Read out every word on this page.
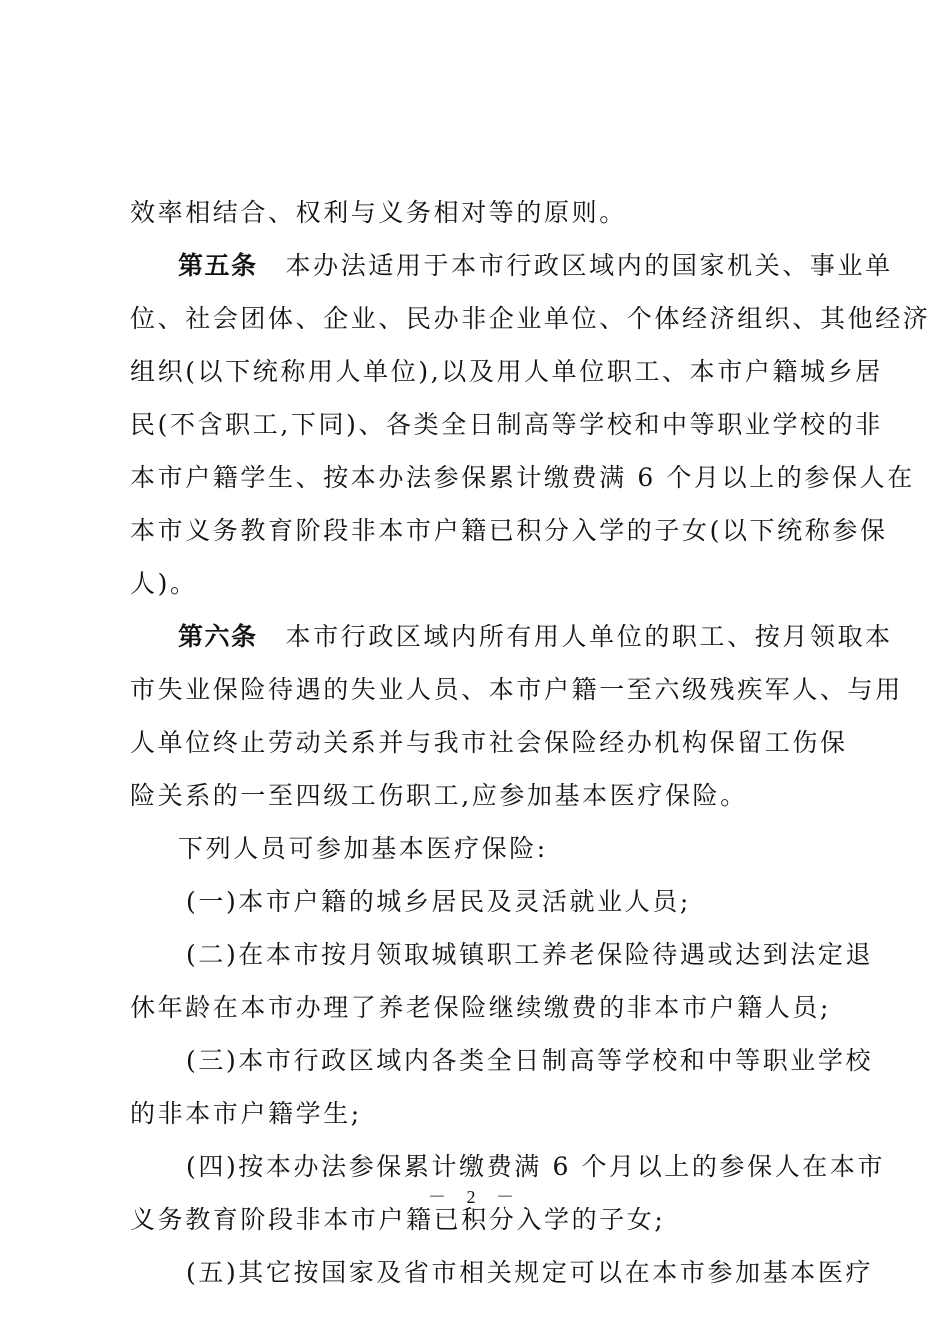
效率相结合、权利与义务相对等的原则。
第五条 本办法适用于本市行政区域内的国家机关、事业单
位、社会团体、企业、民办非企业单位、个体经济组织、其他经济
组织(以下统称用人单位),以及用人单位职工、本市户籍城乡居
民(不含职工,下同)、各类全日制高等学校和中等职业学校的非
本市户籍学生、按本办法参保累计缴费满 6 个月以上的参保人在
本市义务教育阶段非本市户籍已积分入学的子女(以下统称参保
人)。
第六条 本市行政区域内所有用人单位的职工、按月领取本
市失业保险待遇的失业人员、本市户籍一至六级残疾军人、与用
人单位终止劳动关系并与我市社会保险经办机构保留工伤保
险关系的一至四级工伤职工,应参加基本医疗保险。
下列人员可参加基本医疗保险:
(一)本市户籍的城乡居民及灵活就业人员;
(二)在本市按月领取城镇职工养老保险待遇或达到法定退
休年龄在本市办理了养老保险继续缴费的非本市户籍人员;
(三)本市行政区域内各类全日制高等学校和中等职业学校
的非本市户籍学生;
(四)按本办法参保累计缴费满 6 个月以上的参保人在本市
义务教育阶段非本市户籍已积分入学的子女;
(五)其它按国家及省市相关规定可以在本市参加基本医疗
－ 2 －
